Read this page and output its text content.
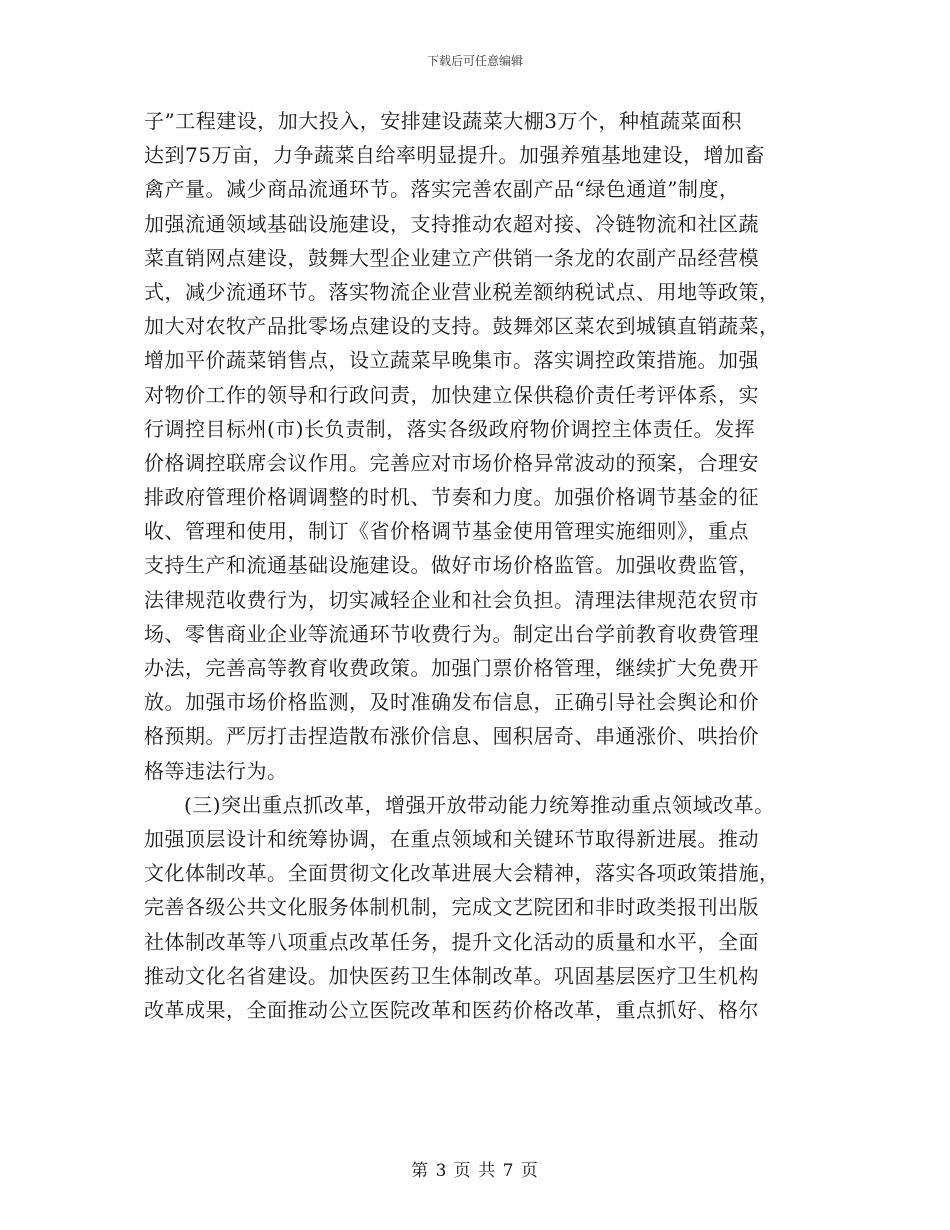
下载后可任意编辑
子”工程建设，加大投入，安排建设蔬菜大棚3万个，种植蔬菜面积
达到75万亩，力争蔬菜自给率明显提升。加强养殖基地建设，增加畜
禽产量。减少商品流通环节。落实完善农副产品“绿色通道”制度，
加强流通领域基础设施建设，支持推动农超对接、冷链物流和社区蔬
菜直销网点建设，鼓舞大型企业建立产供销一条龙的农副产品经营模
式，减少流通环节。落实物流企业营业税差额纳税试点、用地等政策，
加大对农牧产品批零场点建设的支持。鼓舞郊区菜农到城镇直销蔬菜，
增加平价蔬菜销售点，设立蔬菜早晚集市。落实调控政策措施。加强
对物价工作的领导和行政问责，加快建立保供稳价责任考评体系，实
行调控目标州(市)长负责制，落实各级政府物价调控主体责任。发挥
价格调控联席会议作用。完善应对市场价格异常波动的预案，合理安
排政府管理价格调调整的时机、节奏和力度。加强价格调节基金的征
收、管理和使用，制订《省价格调节基金使用管理实施细则》，重点
支持生产和流通基础设施建设。做好市场价格监管。加强收费监管，
法律规范收费行为，切实减轻企业和社会负担。清理法律规范农贸市
场、零售商业企业等流通环节收费行为。制定出台学前教育收费管理
办法，完善高等教育收费政策。加强门票价格管理，继续扩大免费开
放。加强市场价格监测，及时准确发布信息，正确引导社会舆论和价
格预期。严厉打击捏造散布涨价信息、囤积居奇、串通涨价、哄抬价
格等违法行为。
(三)突出重点抓改革，增强开放带动能力统筹推动重点领域改革。
加强顶层设计和统筹协调，在重点领域和关键环节取得新进展。推动
文化体制改革。全面贯彻文化改革进展大会精神，落实各项政策措施，
完善各级公共文化服务体制机制，完成文艺院团和非时政类报刊出版
社体制改革等八项重点改革任务，提升文化活动的质量和水平，全面
推动文化名省建设。加快医药卫生体制改革。巩固基层医疗卫生机构
改革成果，全面推动公立医院改革和医药价格改革，重点抓好、格尔
第 3 页 共 7 页
